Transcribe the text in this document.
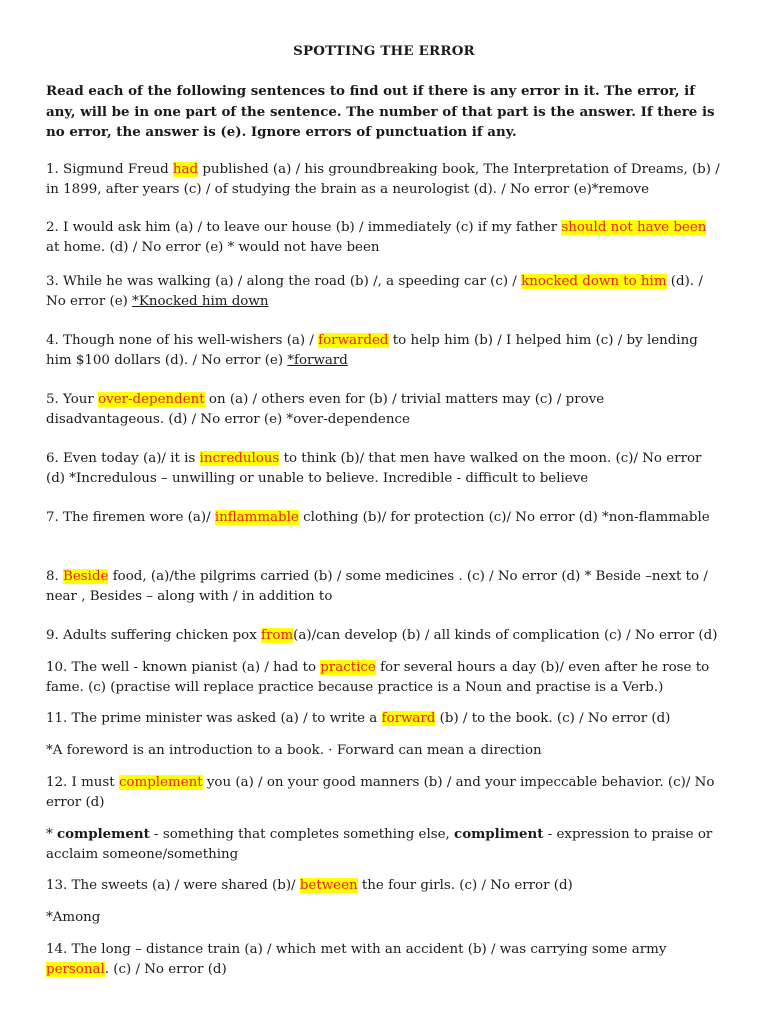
SPOTTING THE ERROR

Read each of the following sentences to find out if there is any error in it. The error, if any, will be in one part of the sentence. The number of that part is the answer. If there is no error, the answer is (e). Ignore errors of punctuation if any.

1. Sigmund Freud had published (a) / his groundbreaking book, The Interpretation of Dreams, (b) / in 1899, after years (c) / of studying the brain as a neurologist (d). / No error (e)*remove
2. I would ask him (a) / to leave our house (b) / immediately (c) if my father should not have been at home. (d) / No error (e) * would not have been
3. While he was walking (a) / along the road (b) /, a speeding car (c) / knocked down to him (d). / No error (e) *Knocked him down
4. Though none of his well-wishers (a) / forwarded to help him (b) / I helped him (c) / by lending him $100 dollars (d). / No error (e) *forward
5. Your over-dependent on (a) / others even for (b) / trivial matters may (c) / prove disadvantageous. (d) / No error (e) *over-dependence
6. Even today (a)/ it is incredulous to think (b)/ that men have walked on the moon. (c)/ No error (d) *Incredulous – unwilling or unable to believe. Incredible - difficult to believe
7. The firemen wore (a)/ inflammable clothing (b)/ for protection (c)/ No error (d) *non-flammable
8. Beside food, (a)/the pilgrims carried (b) / some medicines . (c) / No error (d) * Beside –next to / near , Besides – along with / in addition to
9. Adults suffering chicken pox from(a)/can develop (b) / all kinds of complication (c) / No error (d)
10. The well - known pianist (a) / had to practice for several hours a day (b)/ even after he rose to fame. (c) (practise will replace practice because practice is a Noun and practise is a Verb.)
11. The prime minister was asked (a) / to write a forward (b) / to the book. (c) / No error (d)
*A foreword is an introduction to a book. · Forward can mean a direction
12. I must complement you (a) / on your good manners (b) / and your impeccable behavior. (c)/ No error (d)
* complement - something that completes something else, compliment - expression to praise or acclaim someone/something
13. The sweets (a) / were shared (b)/ between the four girls. (c) / No error (d)
*Among
14. The long – distance train (a) / which met with an accident (b) / was carrying some army personal. (c) / No error (d)
